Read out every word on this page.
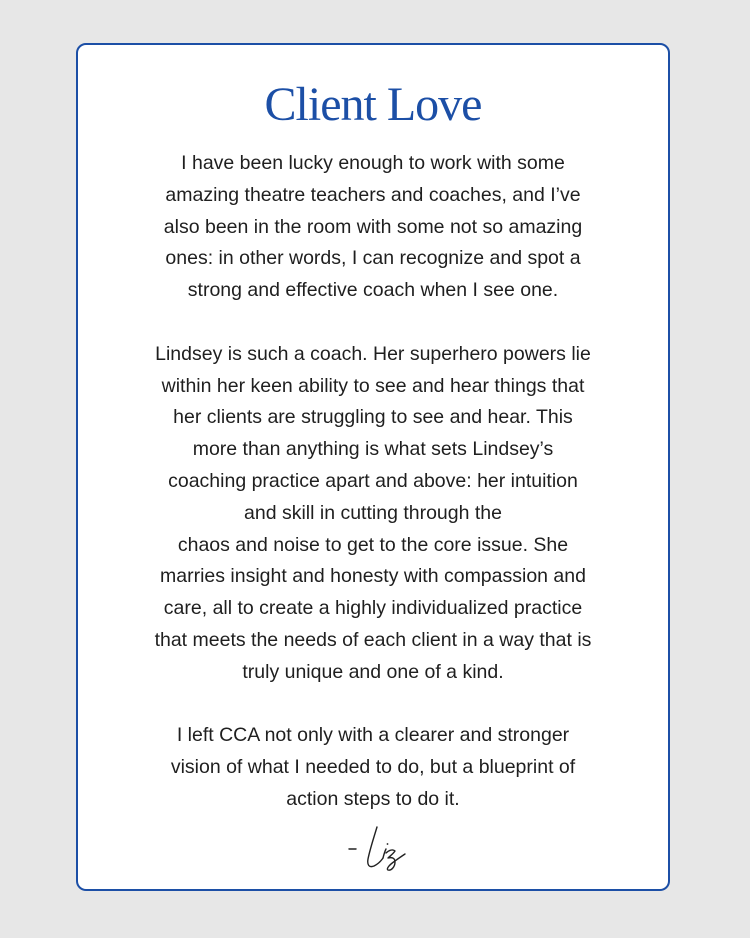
Client Love
I have been lucky enough to work with some
amazing theatre teachers and coaches, and I’ve
also been in the room with some not so amazing
ones: in other words, I can recognize and spot a
strong and effective coach when I see one.
Lindsey is such a coach. Her superhero powers lie
within her keen ability to see and hear things that
her clients are struggling to see and hear. This
more than anything is what sets Lindsey’s
coaching practice apart and above: her intuition
and skill in cutting through the
chaos and noise to get to the core issue. She
marries insight and honesty with compassion and
care, all to create a highly individualized practice
that meets the needs of each client in a way that is
truly unique and one of a kind.
I left CCA not only with a clearer and stronger
vision of what I needed to do, but a blueprint of
action steps to do it.
